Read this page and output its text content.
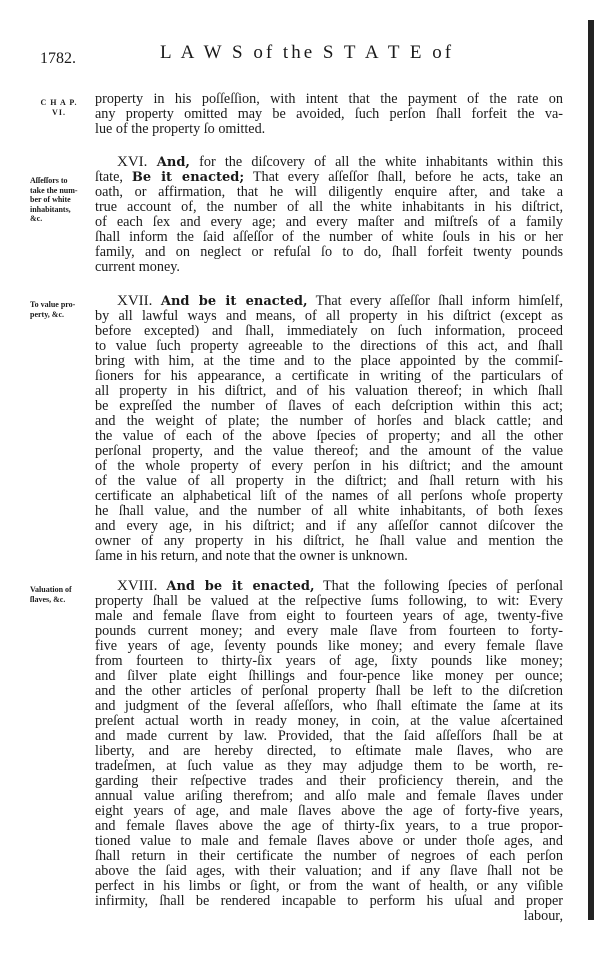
1782.	L A W S of the S T A T E of
C H A P.
VI.
Aſſeſſors to
take the num-
ber of white
inhabitants,
&c.
To value pro-
perty, &c.
Valuation of
ſlaves, &c.
property in his poſſeſſion, with intent that the payment of the rate on
any property omitted may be avoided, ſuch perſon ſhall forfeit the va-
lue of the property ſo omitted.
XVI. And, for the diſcovery of all the white inhabitants within this
ſtate, Be it enacted; That every aſſeſſor ſhall, before he acts, take an
oath, or affirmation, that he will diligently enquire after, and take a
true account of, the number of all the white inhabitants in his diſtrict,
of each ſex and every age; and every maſter and miſtreſs of a family
ſhall inform the ſaid aſſeſſor of the number of white ſouls in his or her
family, and on neglect or refuſal ſo to do, ſhall forfeit twenty pounds
current money.
XVII. And be it enacted, That every aſſeſſor ſhall inform himſelf,
by all lawful ways and means, of all property in his diſtrict (except as
before excepted) and ſhall, immediately on ſuch information, proceed
to value ſuch property agreeable to the directions of this act, and ſhall
bring with him, at the time and to the place appointed by the commiſ-
ſioners for his appearance, a certificate in writing of the particulars of
all property in his diſtrict, and of his valuation thereof; in which ſhall
be expreſſed the number of ſlaves of each deſcription within this act;
and the weight of plate; the number of horſes and black cattle; and
the value of each of the above ſpecies of property; and all the other
perſonal property, and the value thereof; and the amount of the value
of the whole property of every perſon in his diſtrict; and the amount
of the value of all property in the diſtrict; and ſhall return with his
certificate an alphabetical liſt of the names of all perſons whoſe property
he ſhall value, and the number of all white inhabitants, of both ſexes
and every age, in his diſtrict; and if any aſſeſſor cannot diſcover the
owner of any property in his diſtrict, he ſhall value and mention the
ſame in his return, and note that the owner is unknown.
XVIII. And be it enacted, That the following ſpecies of perſonal
property ſhall be valued at the reſpective ſums following, to wit: Every
male and female ſlave from eight to fourteen years of age, twenty-five
pounds current money; and every male ſlave from fourteen to forty-
five years of age, ſeventy pounds like money; and every female ſlave
from fourteen to thirty-ſix years of age, ſixty pounds like money;
and ſilver plate eight ſhillings and four-pence like money per ounce;
and the other articles of perſonal property ſhall be left to the diſcretion
and judgment of the ſeveral aſſeſſors, who ſhall eſtimate the ſame at its
preſent actual worth in ready money, in coin, at the value aſcertained
and made current by law. Provided, that the ſaid aſſeſſors ſhall be at
liberty, and are hereby directed, to eſtimate male ſlaves, who are
tradeſmen, at ſuch value as they may adjudge them to be worth, re-
garding their reſpective trades and their proficiency therein, and the
annual value ariſing therefrom; and alſo male and female ſlaves under
eight years of age, and male ſlaves above the age of forty-five years,
and female ſlaves above the age of thirty-ſix years, to a true propor-
tioned value to male and female ſlaves above or under thoſe ages, and
ſhall return in their certificate the number of negroes of each perſon
above the ſaid ages, with their valuation; and if any ſlave ſhall not be
perfect in his limbs or ſight, or from the want of health, or any viſible
infirmity, ſhall be rendered incapable to perform his uſual and proper
labour,
